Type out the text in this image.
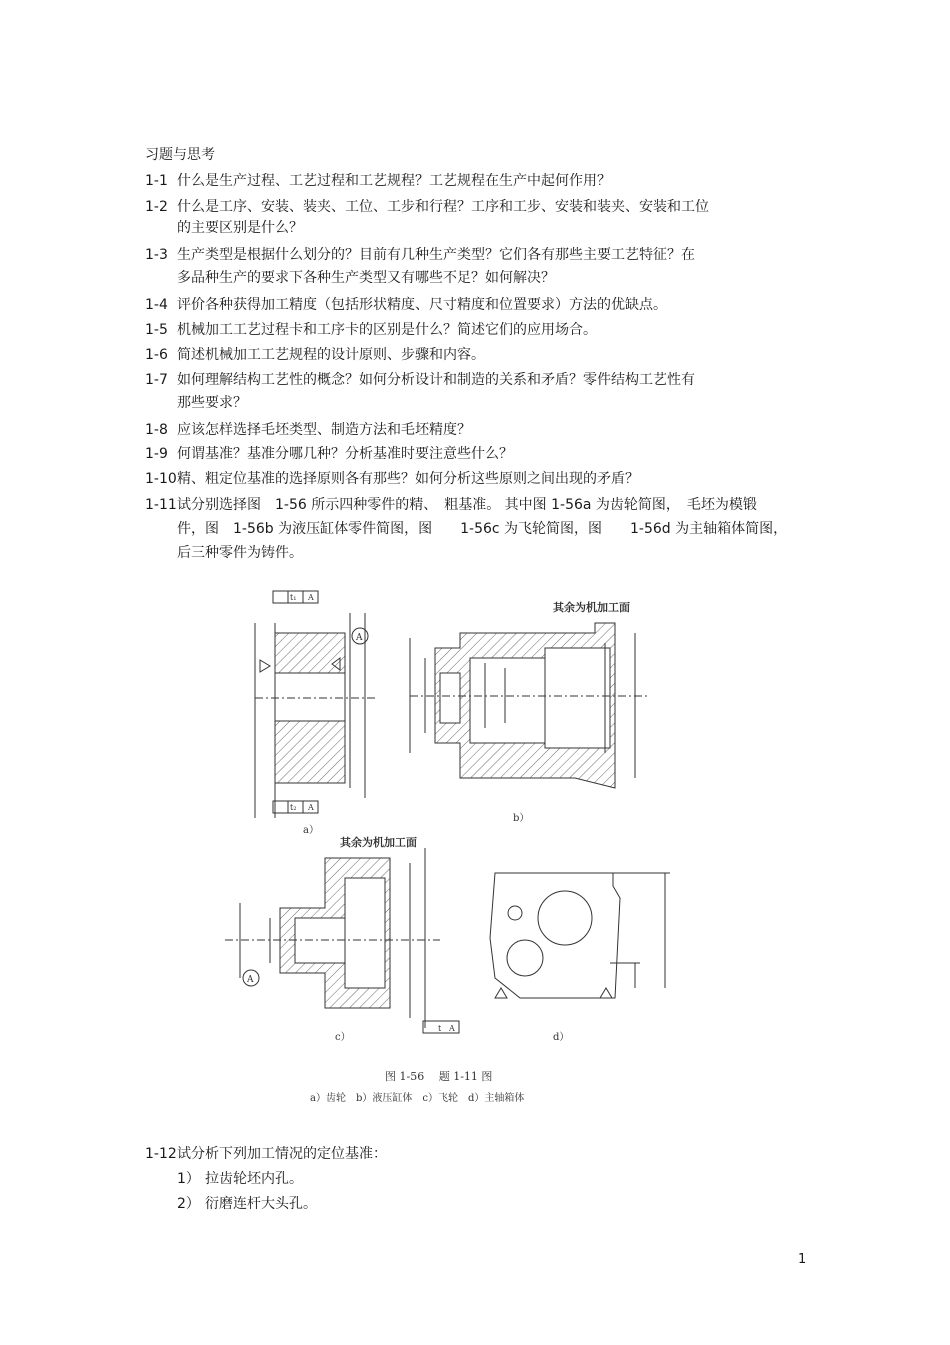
习题与思考
1-1 什么是生产过程、工艺过程和工艺规程？工艺规程在生产中起何作用？
1-2 什么是工序、安装、装夹、工位、工步和行程？工序和工步、安装和装夹、安装和工位
的主要区别是什么？
1-3 生产类型是根据什么划分的？目前有几种生产类型？它们各有那些主要工艺特征？在
多品种生产的要求下各种生产类型又有哪些不足？如何解决？
1-4 评价各种获得加工精度（包括形状精度、尺寸精度和位置要求）方法的优缺点。
1-5 机械加工工艺过程卡和工序卡的区别是什么？简述它们的应用场合。
1-6 简述机械加工工艺规程的设计原则、步骤和内容。
1-7 如何理解结构工艺性的概念？如何分析设计和制造的关系和矛盾？零件结构工艺性有
那些要求？
1-8 应该怎样选择毛坯类型、制造方法和毛坯精度？
1-9 何谓基准？基准分哪几种？分析基准时要注意些什么？
1-10 精、粗定位基准的选择原则各有那些？如何分析这些原则之间出现的矛盾？
1-11 试分别选择图　1-56 所示四种零件的精、　粗基准。 其中图 1-56a 为齿轮简图，　毛坯为模锻
件，图　1-56b 为液压缸体零件简图，图　　1-56c 为飞轮简图，图　　1-56d 为主轴箱体简图，
后三种零件为铸件。
t₁ A
t₂ A
A
a）
其余为机加工面
b）
其余为机加工面
A
t A
c）	d）
图 1-56　 题 1-11 图
a）齿轮　b）液压缸体　c）飞轮　d）主轴箱体
1-12 试分析下列加工情况的定位基准：
1） 拉齿轮坯内孔。
2） 衍磨连杆大头孔。
1
